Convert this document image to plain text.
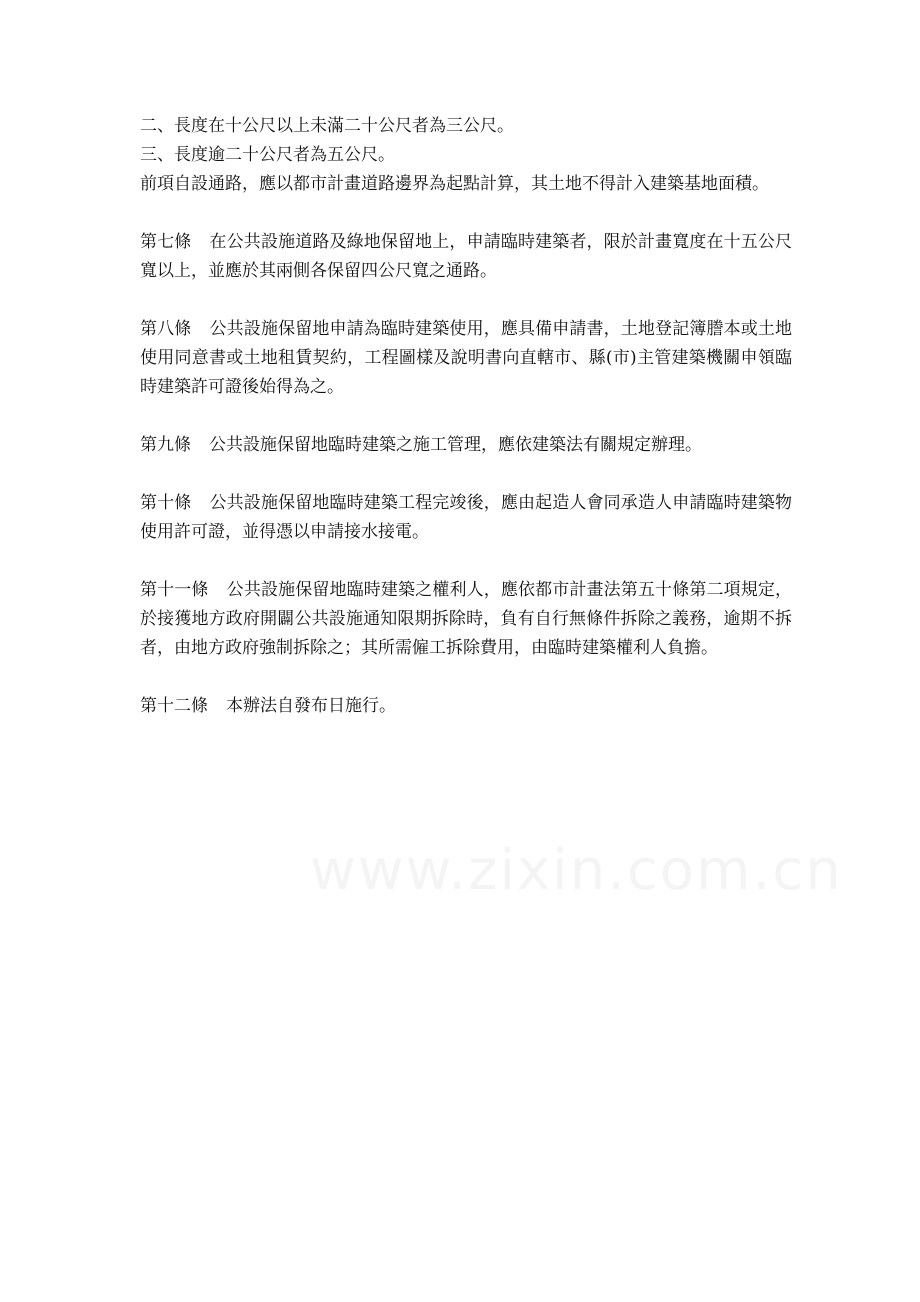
二、長度在十公尺以上未滿二十公尺者為三公尺。

三、長度逾二十公尺者為五公尺。

前項自設通路，應以都市計畫道路邊界為起點計算，其土地不得計入建築基地面積。

第七條 在公共設施道路及綠地保留地上，申請臨時建築者，限於計畫寬度在十五公尺寬以上，並應於其兩側各保留四公尺寬之通路。

第八條 公共設施保留地申請為臨時建築使用，應具備申請書，土地登記簿謄本或土地使用同意書或土地租賃契約，工程圖樣及說明書向直轄市、縣(市)主管建築機關申領臨時建築許可證後始得為之。

第九條 公共設施保留地臨時建築之施工管理，應依建築法有關規定辦理。

第十條 公共設施保留地臨時建築工程完竣後，應由起造人會同承造人申請臨時建築物使用許可證，並得憑以申請接水接電。

第十一條 公共設施保留地臨時建築之權利人，應依都市計畫法第五十條第二項規定，於接獲地方政府開闢公共設施通知限期拆除時，負有自行無條件拆除之義務，逾期不拆者，由地方政府強制拆除之；其所需僱工拆除費用，由臨時建築權利人負擔。

第十二條 本辦法自發布日施行。
